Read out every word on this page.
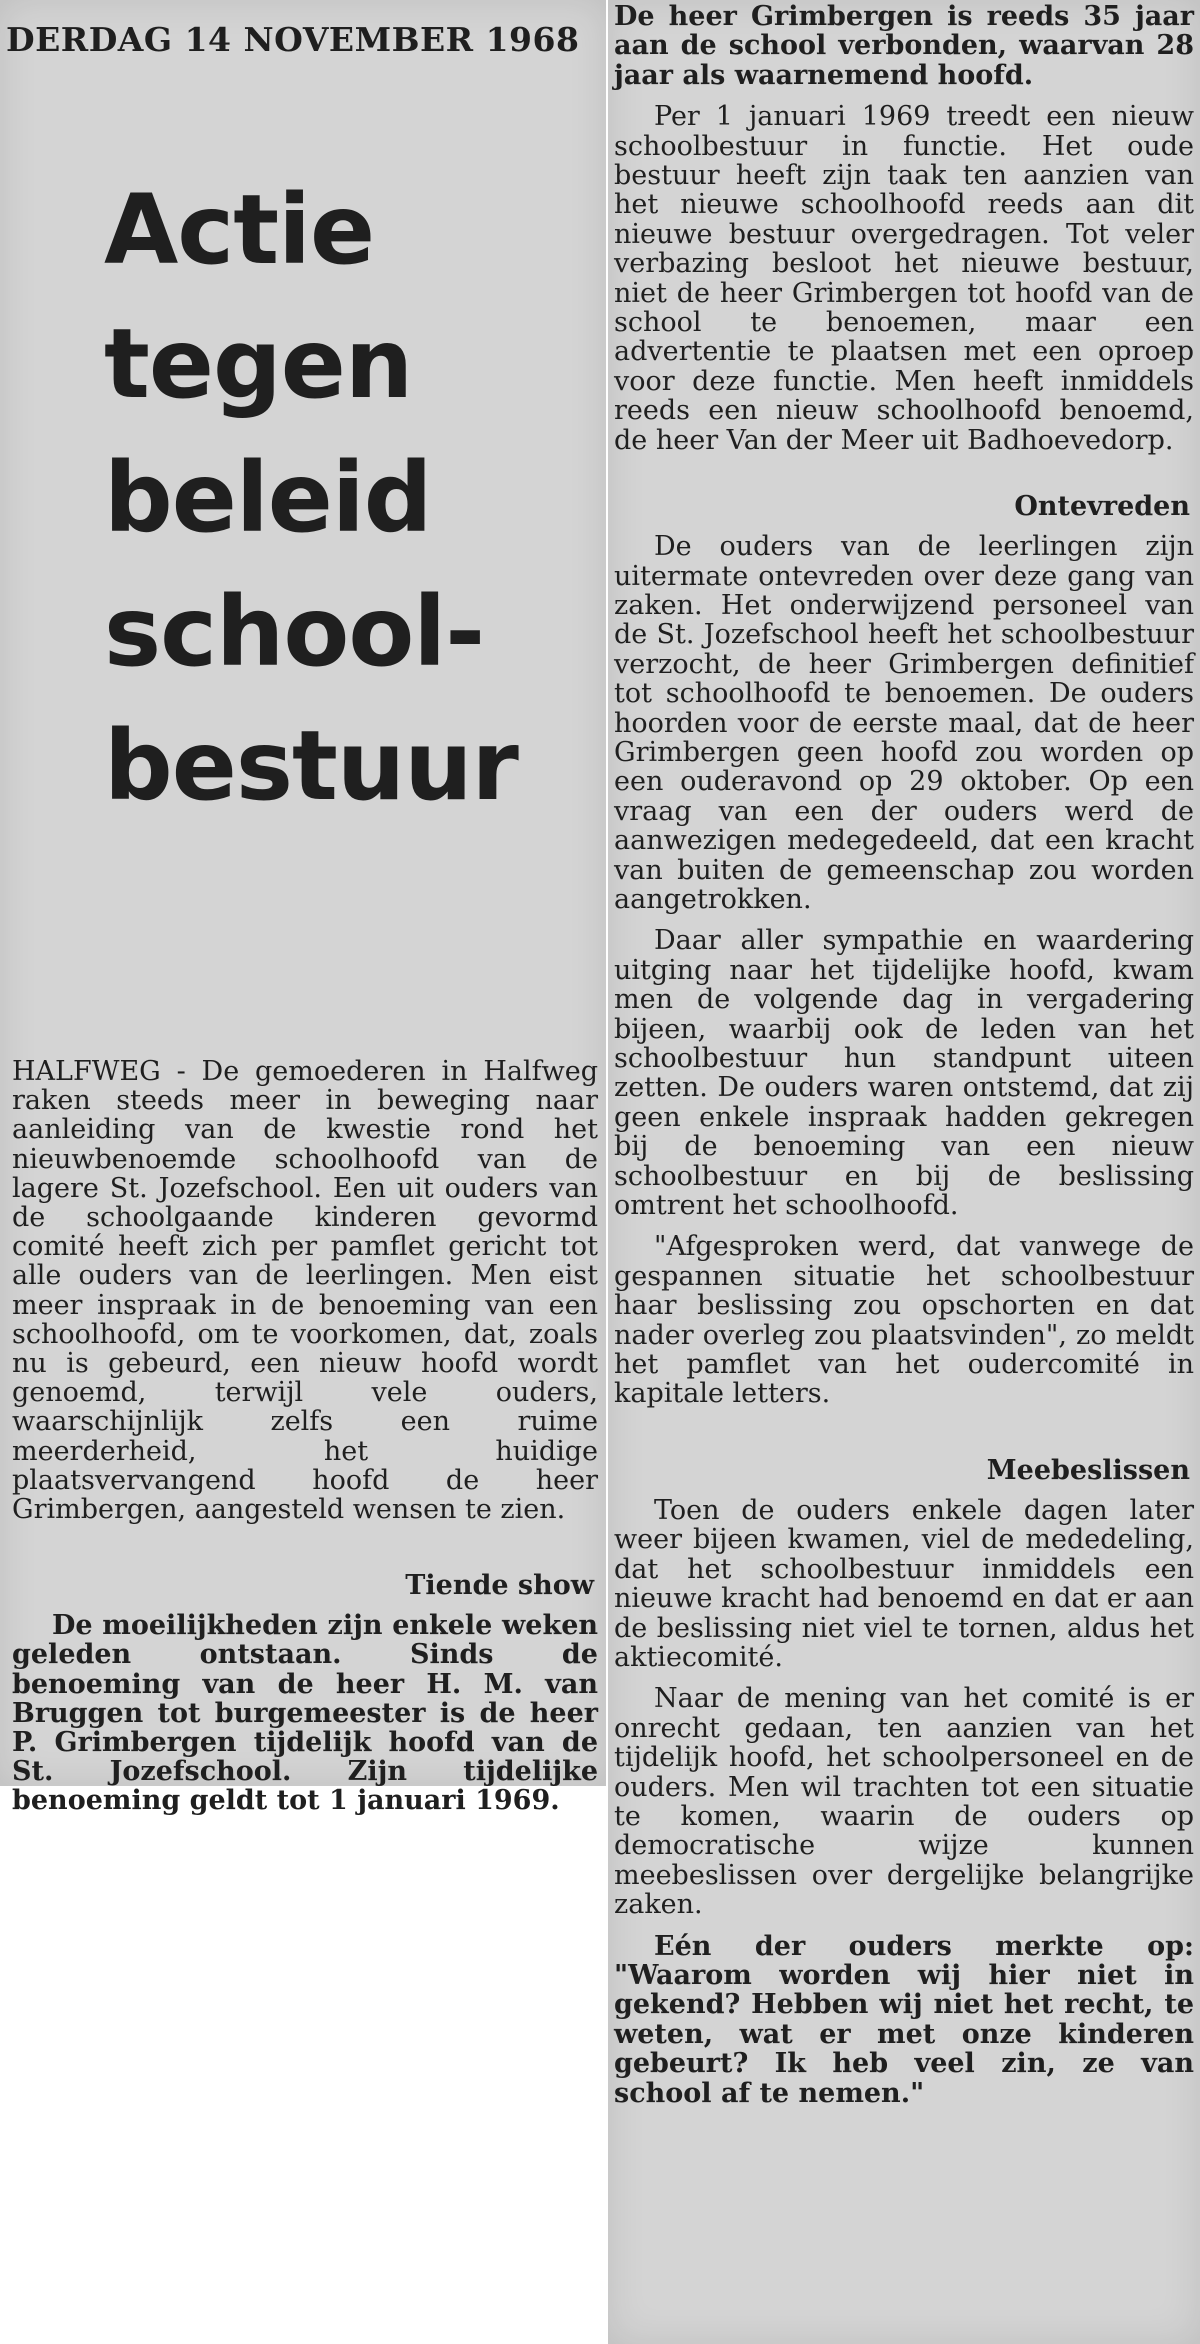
DERDAG 14 NOVEMBER 1968
Actie
tegen
beleid
school-
bestuur

HALFWEG - De gemoederen in Halfweg raken steeds meer in beweging naar aanleiding van de kwestie rond het nieuwbenoemde schoolhoofd van de lagere St. Jozefschool. Een uit ouders van de schoolgaande kinderen gevormd comité heeft zich per pamflet gericht tot alle ouders van de leerlingen. Men eist meer inspraak in de benoeming van een schoolhoofd, om te voorkomen, dat, zoals nu is gebeurd, een nieuw hoofd wordt genoemd, terwijl vele ouders, waarschijnlijk zelfs een ruime meerderheid, het huidige plaatsvervangend hoofd de heer Grimbergen, aangesteld wensen te zien.

Tiende show

De moeilijkheden zijn enkele weken geleden ontstaan. Sinds de benoeming van de heer H. M. van Bruggen tot burgemeester is de heer P. Grimbergen tijdelijk hoofd van de St. Jozefschool. Zijn tijdelijke benoeming geldt tot 1 januari 1969.

De heer Grimbergen is reeds 35 jaar aan de school verbonden, waarvan 28 jaar als waarnemend hoofd.

Per 1 januari 1969 treedt een nieuw schoolbestuur in functie. Het oude bestuur heeft zijn taak ten aanzien van het nieuwe schoolhoofd reeds aan dit nieuwe bestuur overgedragen. Tot veler verbazing besloot het nieuwe bestuur, niet de heer Grimbergen tot hoofd van de school te benoemen, maar een advertentie te plaatsen met een oproep voor deze functie. Men heeft inmiddels reeds een nieuw schoolhoofd benoemd, de heer Van der Meer uit Badhoevedorp.

Ontevreden

De ouders van de leerlingen zijn uitermate ontevreden over deze gang van zaken. Het onderwijzend personeel van de St. Jozefschool heeft het schoolbestuur verzocht, de heer Grimbergen definitief tot schoolhoofd te benoemen. De ouders hoorden voor de eerste maal, dat de heer Grimbergen geen hoofd zou worden op een ouderavond op 29 oktober. Op een vraag van een der ouders werd de aanwezigen medegedeeld, dat een kracht van buiten de gemeenschap zou worden aangetrokken.

Daar aller sympathie en waardering uitging naar het tijdelijke hoofd, kwam men de volgende dag in vergadering bijeen, waarbij ook de leden van het schoolbestuur hun standpunt uiteen zetten. De ouders waren ontstemd, dat zij geen enkele inspraak hadden gekregen bij de benoeming van een nieuw schoolbestuur en bij de beslissing omtrent het schoolhoofd.

"Afgesproken werd, dat vanwege de gespannen situatie het schoolbestuur haar beslissing zou opschorten en dat nader overleg zou plaatsvinden", zo meldt het pamflet van het oudercomité in kapitale letters.

Meebeslissen

Toen de ouders enkele dagen later weer bijeen kwamen, viel de mededeling, dat het schoolbestuur inmiddels een nieuwe kracht had benoemd en dat er aan de beslissing niet viel te tornen, aldus het aktiecomité.

Naar de mening van het comité is er onrecht gedaan, ten aanzien van het tijdelijk hoofd, het schoolpersoneel en de ouders. Men wil trachten tot een situatie te komen, waarin de ouders op democratische wijze kunnen meebeslissen over dergelijke belangrijke zaken.

Eén der ouders merkte op: "Waarom worden wij hier niet in gekend? Hebben wij niet het recht, te weten, wat er met onze kinderen gebeurt? Ik heb veel zin, ze van school af te nemen."
